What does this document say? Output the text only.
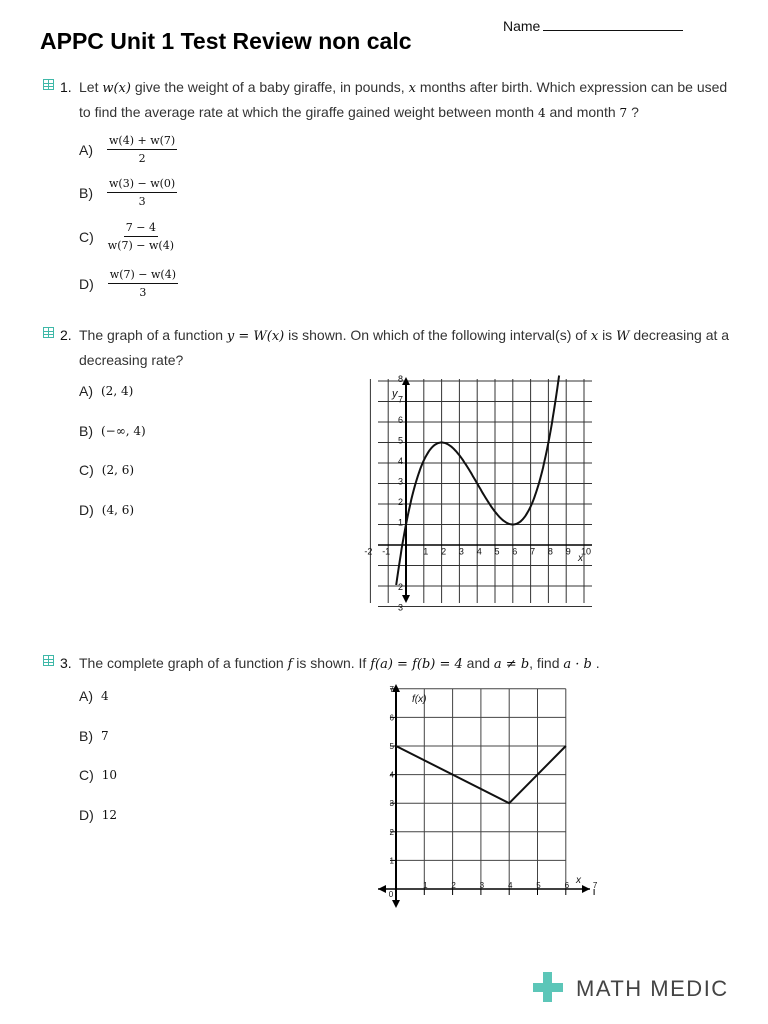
Name
APPC Unit 1 Test Review non calc
1. Let w(x) give the weight of a baby giraffe, in pounds, x months after birth. Which expression can be used
to find the average rate at which the giraffe gained weight between month 4 and month 7 ?
$A) \frac{w(4) + w(7)}{2}$
$B) \frac{w(3) - w(0)}{3}$
$C) \frac{7 - 4}{w(7) - w(4)}$
$D) \frac{w(7) - w(4)}{3}$
2. The graph of a function y = W(x) is shown. On which of the following interval(s) of x is W decreasing at a
decreasing rate?
A) (2, 4)
B) (−∞, 4)
C) (2, 6)
D) (4, 6)
-2 -1	1 2 3 4 5 6 7 8 9 10
1
2
3
4
5
6
7
8
2
3
y
x
3. The complete graph of a function f is shown. If f(a) = f(b) = 4 and a ≠ b, find a · b .
A) 4
B) 7
C) 10
D) 12
1
2
3
4
5
6
7
1	2	3	4	5	6	7
0
f(x)
x
MATH MEDIC
